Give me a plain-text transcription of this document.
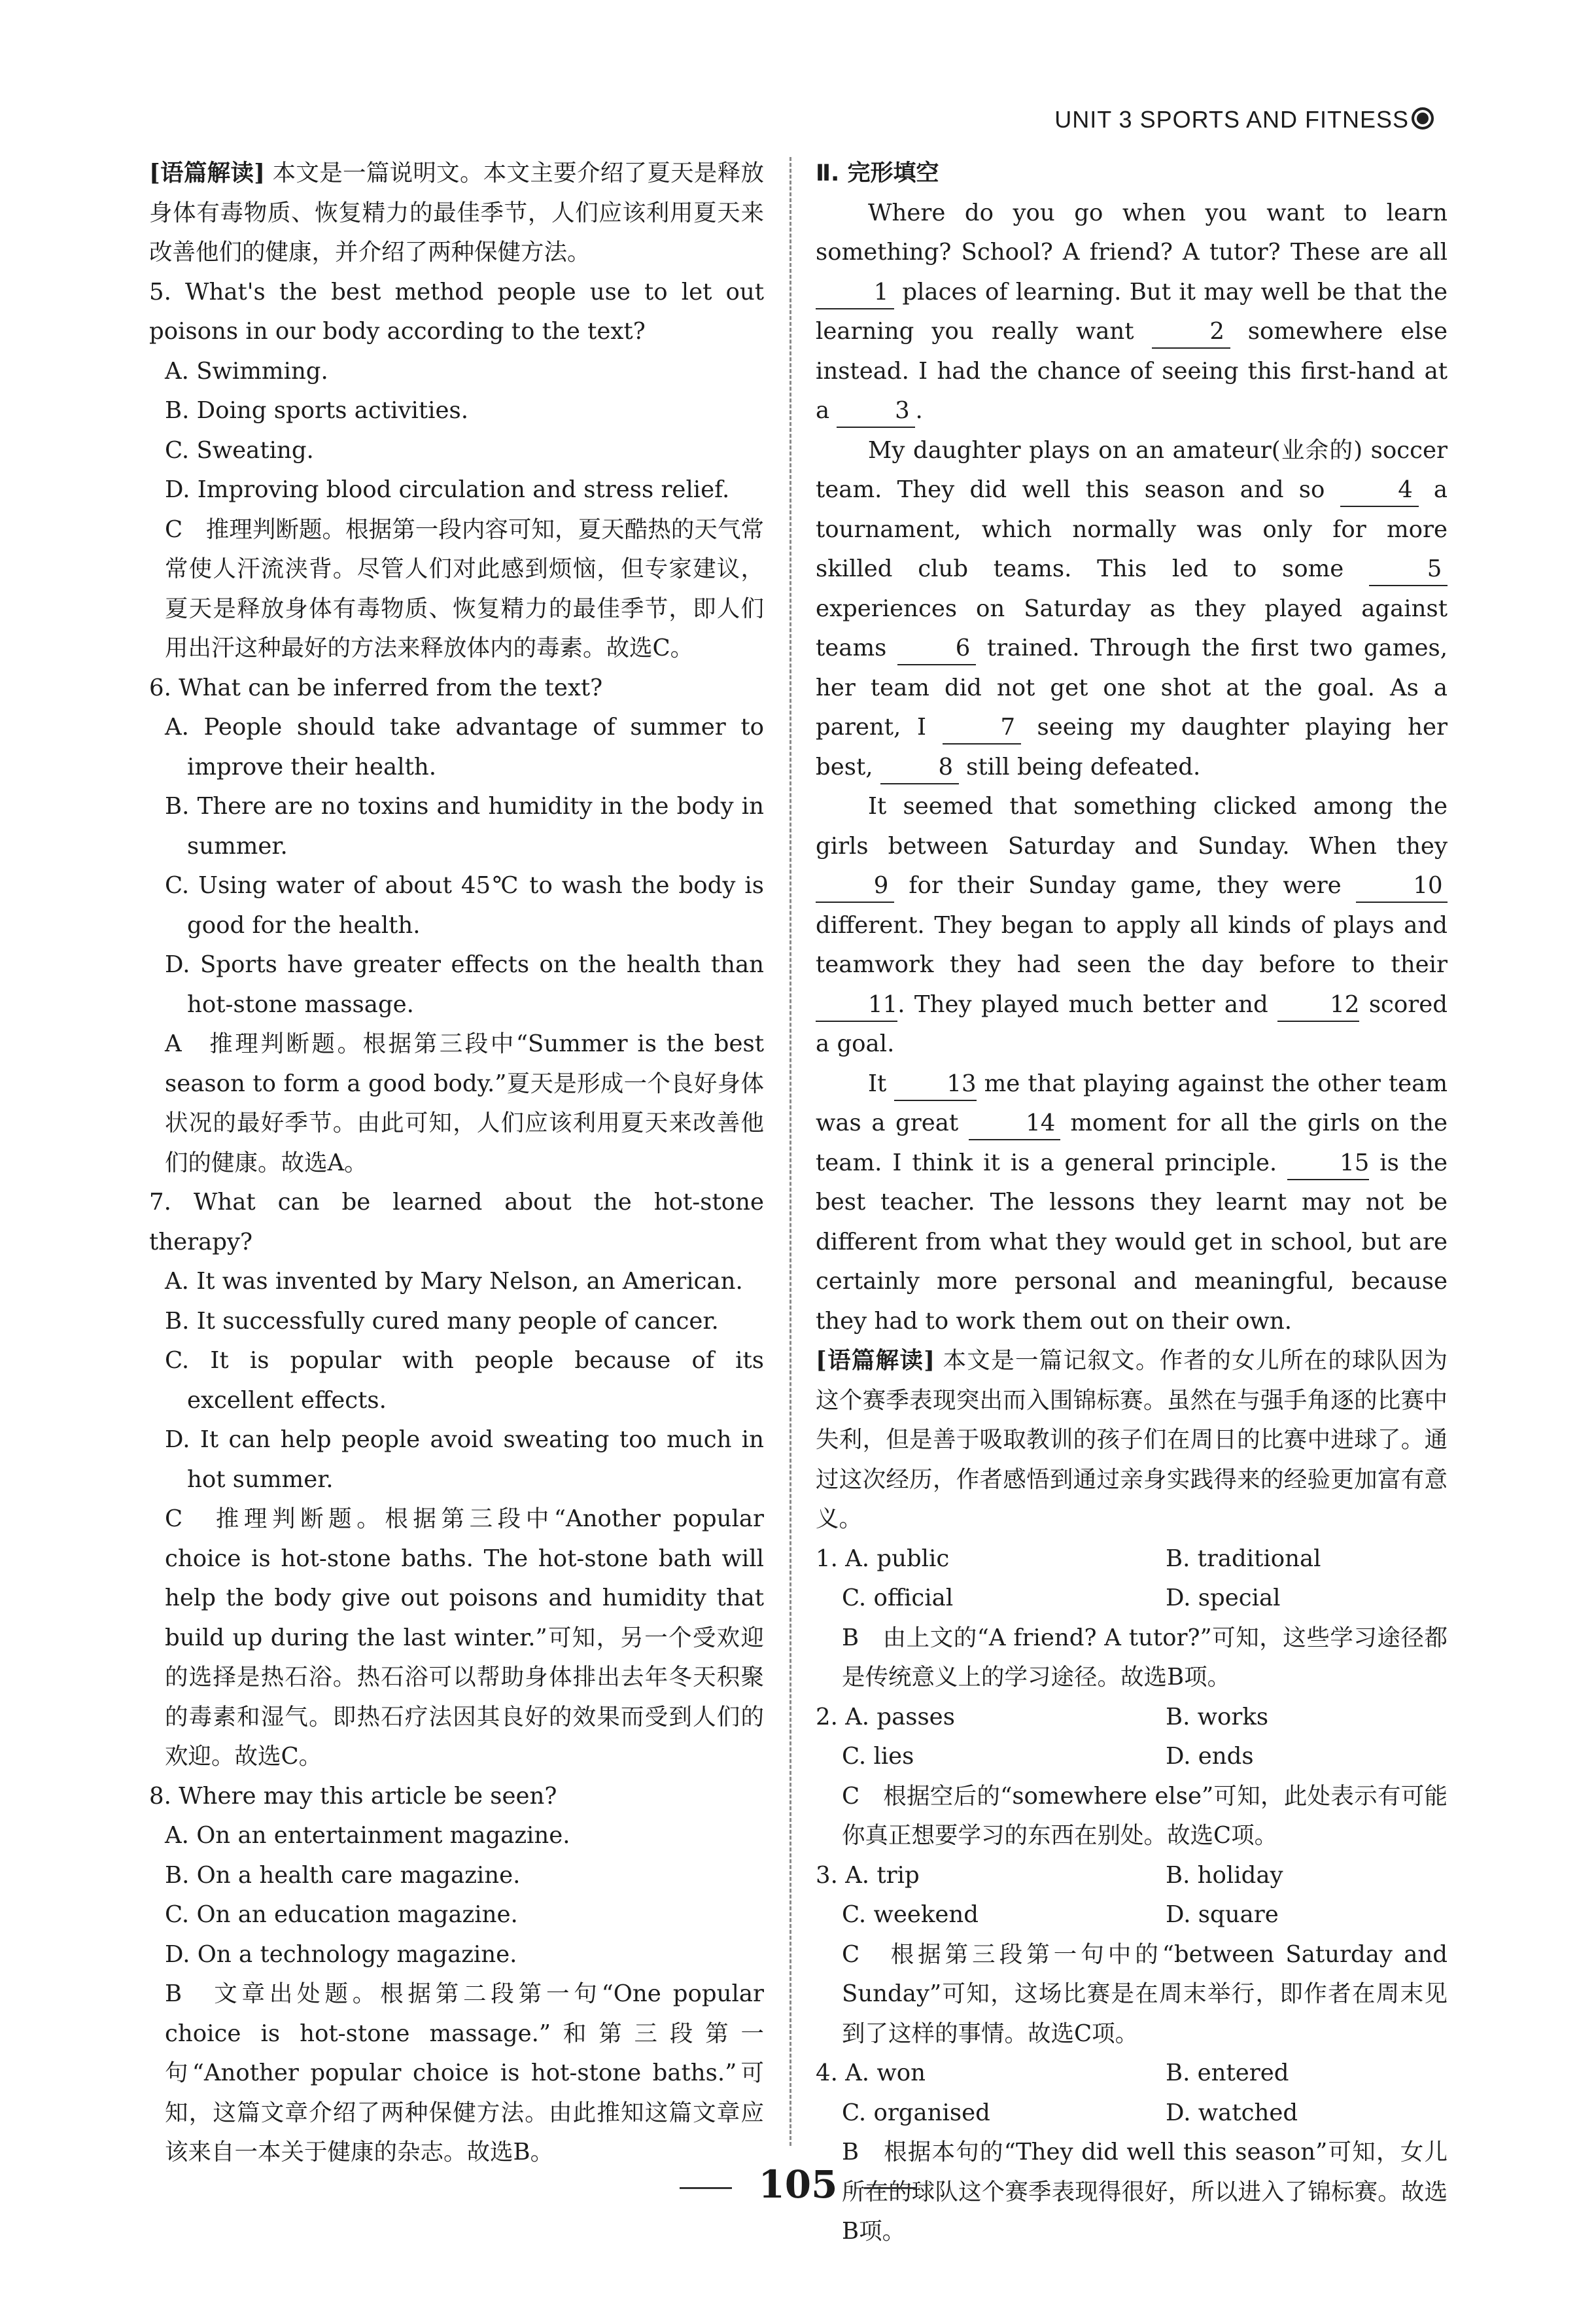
UNIT 3 SPORTS AND FITNESS

[语篇解读] 本文是一篇说明文。本文主要介绍了夏天是释放身体有毒物质、恢复精力的最佳季节，人们应该利用夏天来改善他们的健康，并介绍了两种保健方法。

5. What's the best method people use to let out poisons in our body according to the text?

A. Swimming.

B. Doing sports activities.

C. Sweating.

D. Improving blood circulation and stress relief.

C　推理判断题。根据第一段内容可知，夏天酷热的天气常常使人汗流浃背。尽管人们对此感到烦恼，但专家建议，夏天是释放身体有毒物质、恢复精力的最佳季节，即人们用出汗这种最好的方法来释放体内的毒素。故选C。

6. What can be inferred from the text?

A. People should take advantage of summer to improve their health.

B. There are no toxins and humidity in the body in summer.

C. Using water of about 45℃ to wash the body is good for the health.

D. Sports have greater effects on the health than hot-stone massage.

A　推理判断题。根据第三段中“Summer is the best season to form a good body.”夏天是形成一个良好身体状况的最好季节。由此可知，人们应该利用夏天来改善他们的健康。故选A。

7. What can be learned about the hot-stone therapy?

A. It was invented by Mary Nelson, an American.

B. It successfully cured many people of cancer.

C. It is popular with people because of its excellent effects.

D. It can help people avoid sweating too much in hot summer.

C　推理判断题。根据第三段中“Another popular choice is hot-stone baths. The hot-stone bath will help the body give out poisons and humidity that build up during the last winter.”可知，另一个受欢迎的选择是热石浴。热石浴可以帮助身体排出去年冬天积聚的毒素和湿气。即热石疗法因其良好的效果而受到人们的欢迎。故选C。

8. Where may this article be seen?

A. On an entertainment magazine.

B. On a health care magazine.

C. On an education magazine.

D. On a technology magazine.

B　文章出处题。根据第二段第一句“One popular choice is hot-stone massage.”和第三段第一句“Another popular choice is hot-stone baths.”可知，这篇文章介绍了两种保健方法。由此推知这篇文章应该来自一本关于健康的杂志。故选B。

Ⅱ. 完形填空

Where do you go when you want to learn something? School? A friend? A tutor? These are all 1 places of learning. But it may well be that the learning you really want	2 somewhere else instead. I had the chance of seeing this first-hand at a	3 .

My daughter plays on an amateur(业余的) soccer team. They did well this season and so	4 a tournament, which normally was only for more skilled club teams. This led to some	5 experiences on Saturday as they played against teams	6 trained. Through the first two games, her team did not get one shot at the goal. As a parent, I	7 seeing my daughter playing her best,	8 still being defeated.

It seemed that something clicked among the girls between Saturday and Sunday. When they 9 for their Sunday game, they were	10 different. They began to apply all kinds of plays and teamwork they had seen the day before to their 11. They played much better and	12 scored a goal.

It	13 me that playing against the other team was a great	14 moment for all the girls on the team. I think it is a general principle.	15 is the best teacher. The lessons they learnt may not be different from what they would get in school, but are certainly more personal and meaningful, because they had to work them out on their own.

[语篇解读] 本文是一篇记叙文。作者的女儿所在的球队因为这个赛季表现突出而入围锦标赛。虽然在与强手角逐的比赛中失利，但是善于吸取教训的孩子们在周日的比赛中进球了。通过这次经历，作者感悟到通过亲身实践得来的经验更加富有意义。

1. A. public	B. traditional
C. official	D. special

B　由上文的“A friend? A tutor?”可知，这些学习途径都是传统意义上的学习途径。故选B项。

2. A. passes	B. works
C. lies	D. ends

C　根据空后的“somewhere else”可知，此处表示有可能你真正想要学习的东西在别处。故选C项。

3. A. trip	B. holiday
C. weekend	D. square

C　根据第三段第一句中的“between Saturday and Sunday”可知，这场比赛是在周末举行，即作者在周末见到了这样的事情。故选C项。

4. A. won	B. entered
C. organised	D. watched

B　根据本句的“They did well this season”可知，女儿所在的球队这个赛季表现得很好，所以进入了锦标赛。故选B项。

105
